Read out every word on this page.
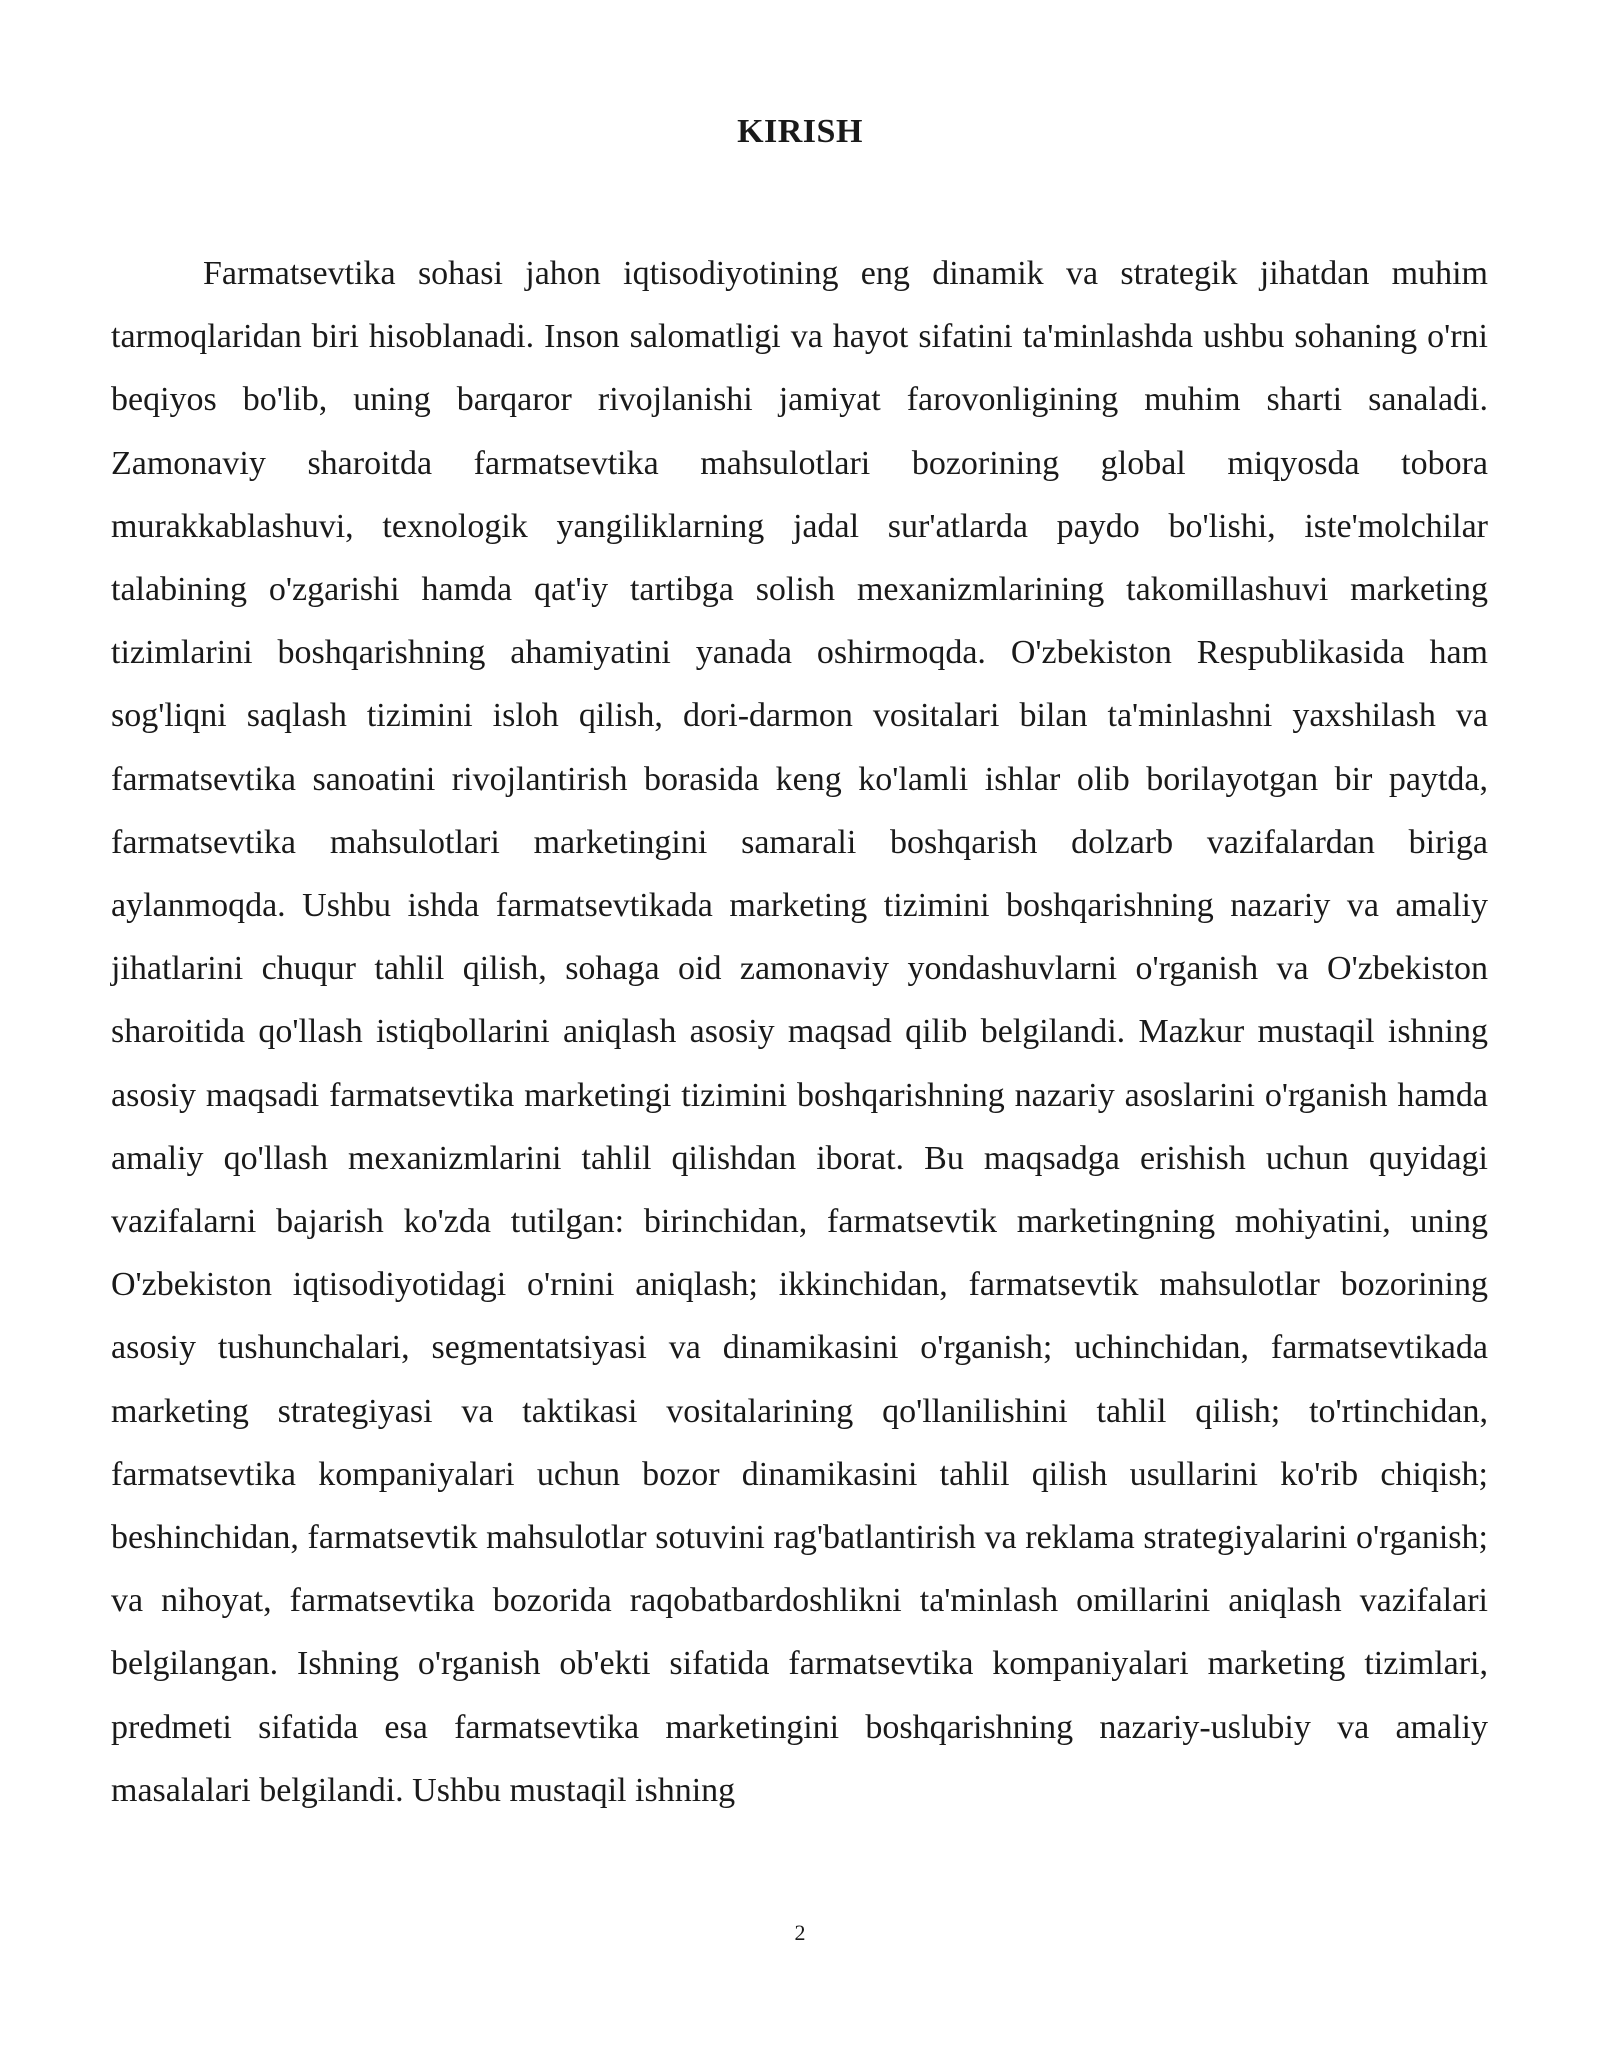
KIRISH

Farmatsevtika sohasi jahon iqtisodiyotining eng dinamik va strategik jihatdan muhim tarmoqlaridan biri hisoblanadi. Inson salomatligi va hayot sifatini ta'minlashda ushbu sohaning o'rni beqiyos bo'lib, uning barqaror rivojlanishi jamiyat farovonligining muhim sharti sanaladi. Zamonaviy sharoitda farmatsevtika mahsulotlari bozorining global miqyosda tobora murakkablashuvi, texnologik yangiliklarning jadal sur'atlarda paydo bo'lishi, iste'molchilar talabining o'zgarishi hamda qat'iy tartibga solish mexanizmlarining takomillashuvi marketing tizimlarini boshqarishning ahamiyatini yanada oshirmoqda. O'zbekiston Respublikasida ham sog'liqni saqlash tizimini isloh qilish, dori-darmon vositalari bilan ta'minlashni yaxshilash va farmatsevtika sanoatini rivojlantirish borasida keng ko'lamli ishlar olib borilayotgan bir paytda, farmatsevtika mahsulotlari marketingini samarali boshqarish dolzarb vazifalardan biriga aylanmoqda. Ushbu ishda farmatsevtikada marketing tizimini boshqarishning nazariy va amaliy jihatlarini chuqur tahlil qilish, sohaga oid zamonaviy yondashuvlarni o'rganish va O'zbekiston sharoitida qo'llash istiqbollarini aniqlash asosiy maqsad qilib belgilandi. Mazkur mustaqil ishning asosiy maqsadi farmatsevtika marketingi tizimini boshqarishning nazariy asoslarini o'rganish hamda amaliy qo'llash mexanizmlarini tahlil qilishdan iborat. Bu maqsadga erishish uchun quyidagi vazifalarni bajarish ko'zda tutilgan: birinchidan, farmatsevtik marketingning mohiyatini, uning O'zbekiston iqtisodiyotidagi o'rnini aniqlash; ikkinchidan, farmatsevtik mahsulotlar bozorining asosiy tushunchalari, segmentatsiyasi va dinamikasini o'rganish; uchinchidan, farmatsevtikada marketing strategiyasi va taktikasi vositalarining qo'llanilishini tahlil qilish; to'rtinchidan, farmatsevtika kompaniyalari uchun bozor dinamikasini tahlil qilish usullarini ko'rib chiqish; beshinchidan, farmatsevtik mahsulotlar sotuvini rag'batlantirish va reklama strategiyalarini o'rganish; va nihoyat, farmatsevtika bozorida raqobatbardoshlikni ta'minlash omillarini aniqlash vazifalari belgilangan. Ishning o'rganish ob'ekti sifatida farmatsevtika kompaniyalari marketing tizimlari, predmeti sifatida esa farmatsevtika marketingini boshqarishning nazariy-uslubiy va amaliy masalalari belgilandi. Ushbu mustaqil ishning

2
